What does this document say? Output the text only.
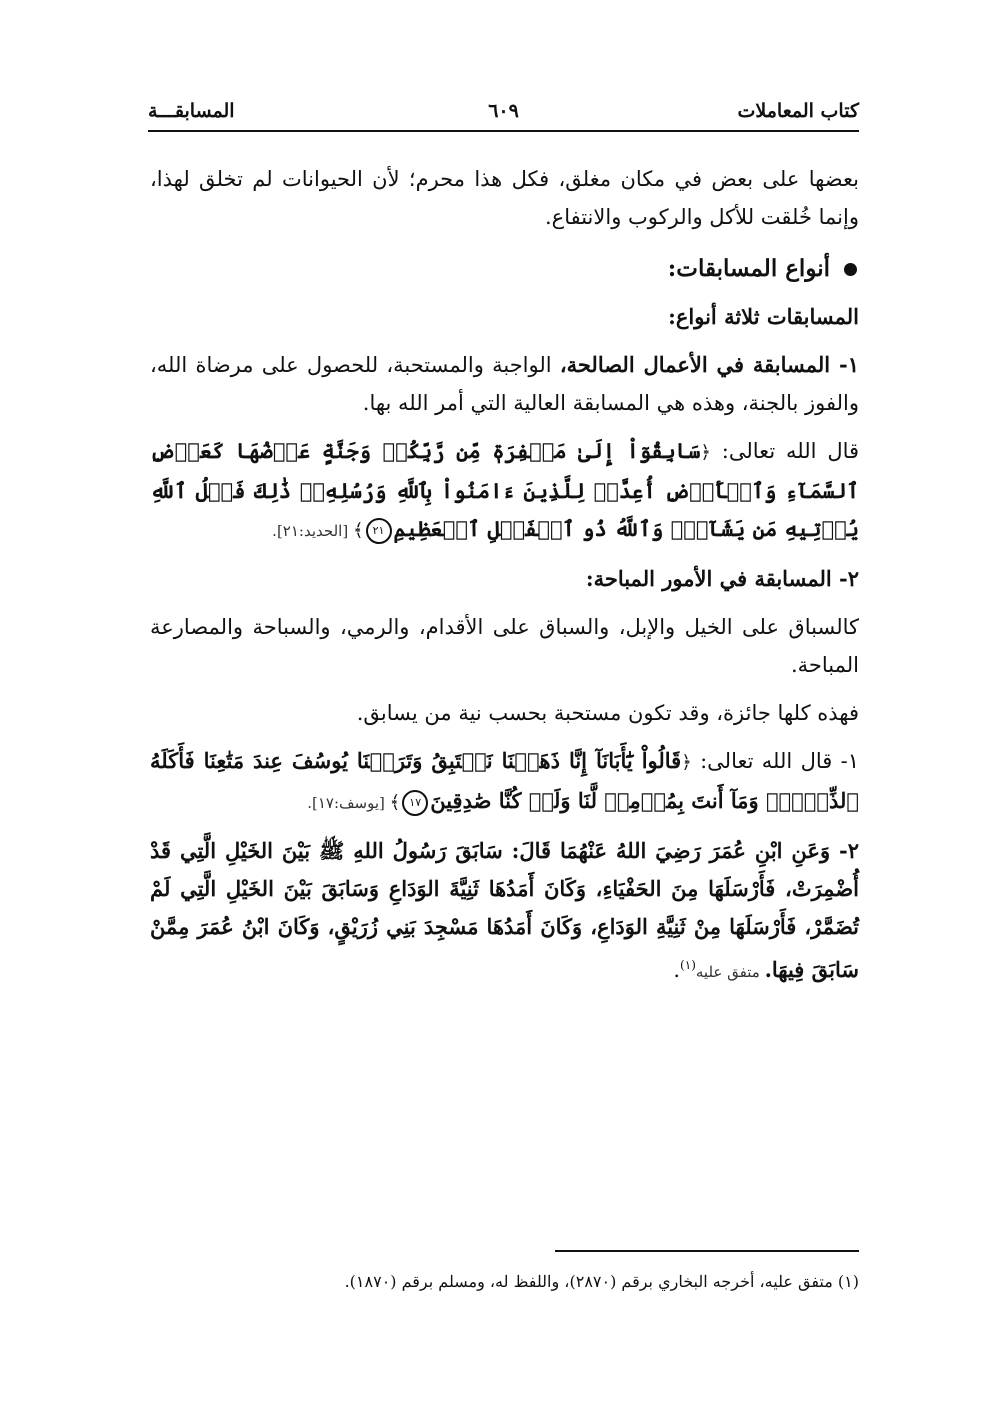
كتاب المعاملات
٦٠٩
المسابقـــة

بعضها على بعض في مكان مغلق، فكل هذا محرم؛ لأن الحيوانات لم تخلق لهذا، وإنما خُلقت للأكل والركوب والانتفاع.

أنواع المسابقات:

المسابقات ثلاثة أنواع:

١- المسابقة في الأعمال الصالحة، الواجبة والمستحبة، للحصول على مرضاة الله، والفوز بالجنة، وهذه هي المسابقة العالية التي أمر الله بها.

قال الله تعالى: ﴿سَابِقُوٓاْ إِلَىٰ مَغۡفِرَةٖ مِّن رَّبِّكُمۡ وَجَنَّةٍ عَرۡضُهَا كَعَرۡضِ ٱلسَّمَآءِ وَٱلۡأَرۡضِ أُعِدَّتۡ لِلَّذِينَ ءَامَنُواْ بِٱللَّهِ وَرُسُلِهِۦۚ ذَٰلِكَ فَضۡلُ ٱللَّهِ يُؤۡتِيهِ مَن يَشَآءُۚ وَٱللَّهُ ذُو ٱلۡفَضۡلِ ٱلۡعَظِيمِ٢١﴾ [الحديد:٢١].

٢- المسابقة في الأمور المباحة:

كالسباق على الخيل والإبل، والسباق على الأقدام، والرمي، والسباحة والمصارعة المباحة.

فهذه كلها جائزة، وقد تكون مستحبة بحسب نية من يسابق.

١- قال الله تعالى: ﴿قَالُواْ يَٰٓأَبَانَآ إِنَّا ذَهَبۡنَا نَسۡتَبِقُ وَتَرَكۡنَا يُوسُفَ عِندَ مَتَٰعِنَا فَأَكَلَهُ ٱلذِّئۡبُۖ وَمَآ أَنتَ بِمُؤۡمِنٖ لَّنَا وَلَوۡ كُنَّا صَٰدِقِينَ١٧﴾ [يوسف:١٧].

٢- وَعَنِ ابْنِ عُمَرَ رَضِيَ اللهُ عَنْهُمَا قَالَ: سَابَقَ رَسُولُ اللهِ ﷺ بَيْنَ الخَيْلِ الَّتِي قَدْ أُضْمِرَتْ، فَأَرْسَلَهَا مِنَ الحَفْيَاءِ، وَكَانَ أَمَدُهَا ثَنِيَّةَ الوَدَاعِ وَسَابَقَ بَيْنَ الخَيْلِ الَّتِي لَمْ تُضَمَّرْ، فَأَرْسَلَهَا مِنْ ثَنِيَّةِ الوَدَاعِ، وَكَانَ أَمَدُهَا مَسْجِدَ بَنِي زُرَيْقٍ، وَكَانَ ابْنُ عُمَرَ مِمَّنْ سَابَقَ فِيهَا. متفق عليه$^{(١)}$.

(١) متفق عليه، أخرجه البخاري برقم (٢٨٧٠)، واللفظ له، ومسلم برقم (١٨٧٠).
